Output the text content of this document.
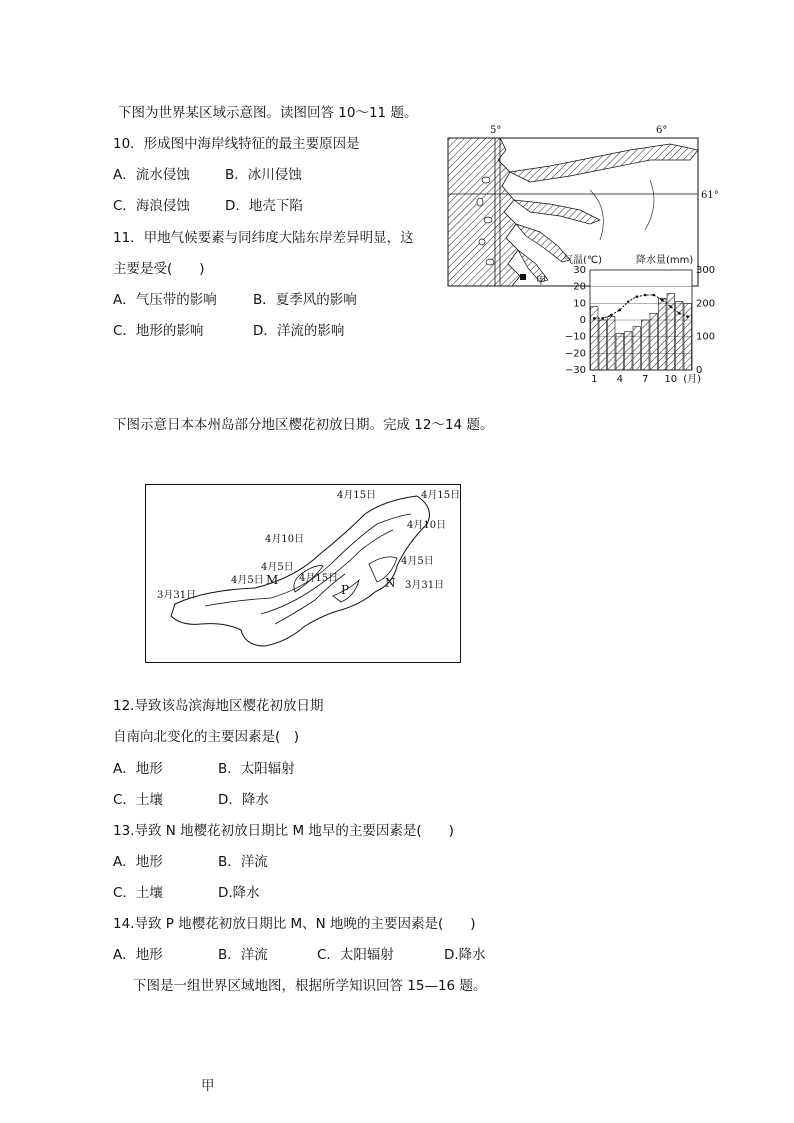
下图为世界某区域示意图。读图回答 10～11 题。
10．形成图中海岸线特征的最主要原因是
A．流水侵蚀	B．冰川侵蚀
C．海浪侵蚀	D．地壳下陷
11．甲地气候要素与同纬度大陆东岸差异明显，这
主要是受(　　)
A．气压带的影响	B．夏季风的影响
C．地形的影响	D．洋流的影响
5°	6°
61°
甲
气温(℃)	降水量(mm)
30
20
10
0
−10
−20
−30
300
200
100
0
1 4 7 10 (月)
下图示意日本本州岛部分地区樱花初放日期。完成 12～14 题。
4月15日	4月15日
4月10日
4月10日
4月5日
4月5日
4月5日
4月15日
3月31日
3月31日
M
P	N
12.导致该岛滨海地区樱花初放日期
自南向北变化的主要因素是(　)
A．地形	B．太阳辐射
C．土壤	D．降水
13.导致 N 地樱花初放日期比 M 地早的主要因素是(　　)
A．地形	B．洋流
C．土壤	D.降水
14.导致 P 地樱花初放日期比 M、N 地晚的主要因素是(　　)
A．地形	B．洋流	C．太阳辐射	D.降水
下图是一组世界区域地图，根据所学知识回答 15—16 题。
甲
